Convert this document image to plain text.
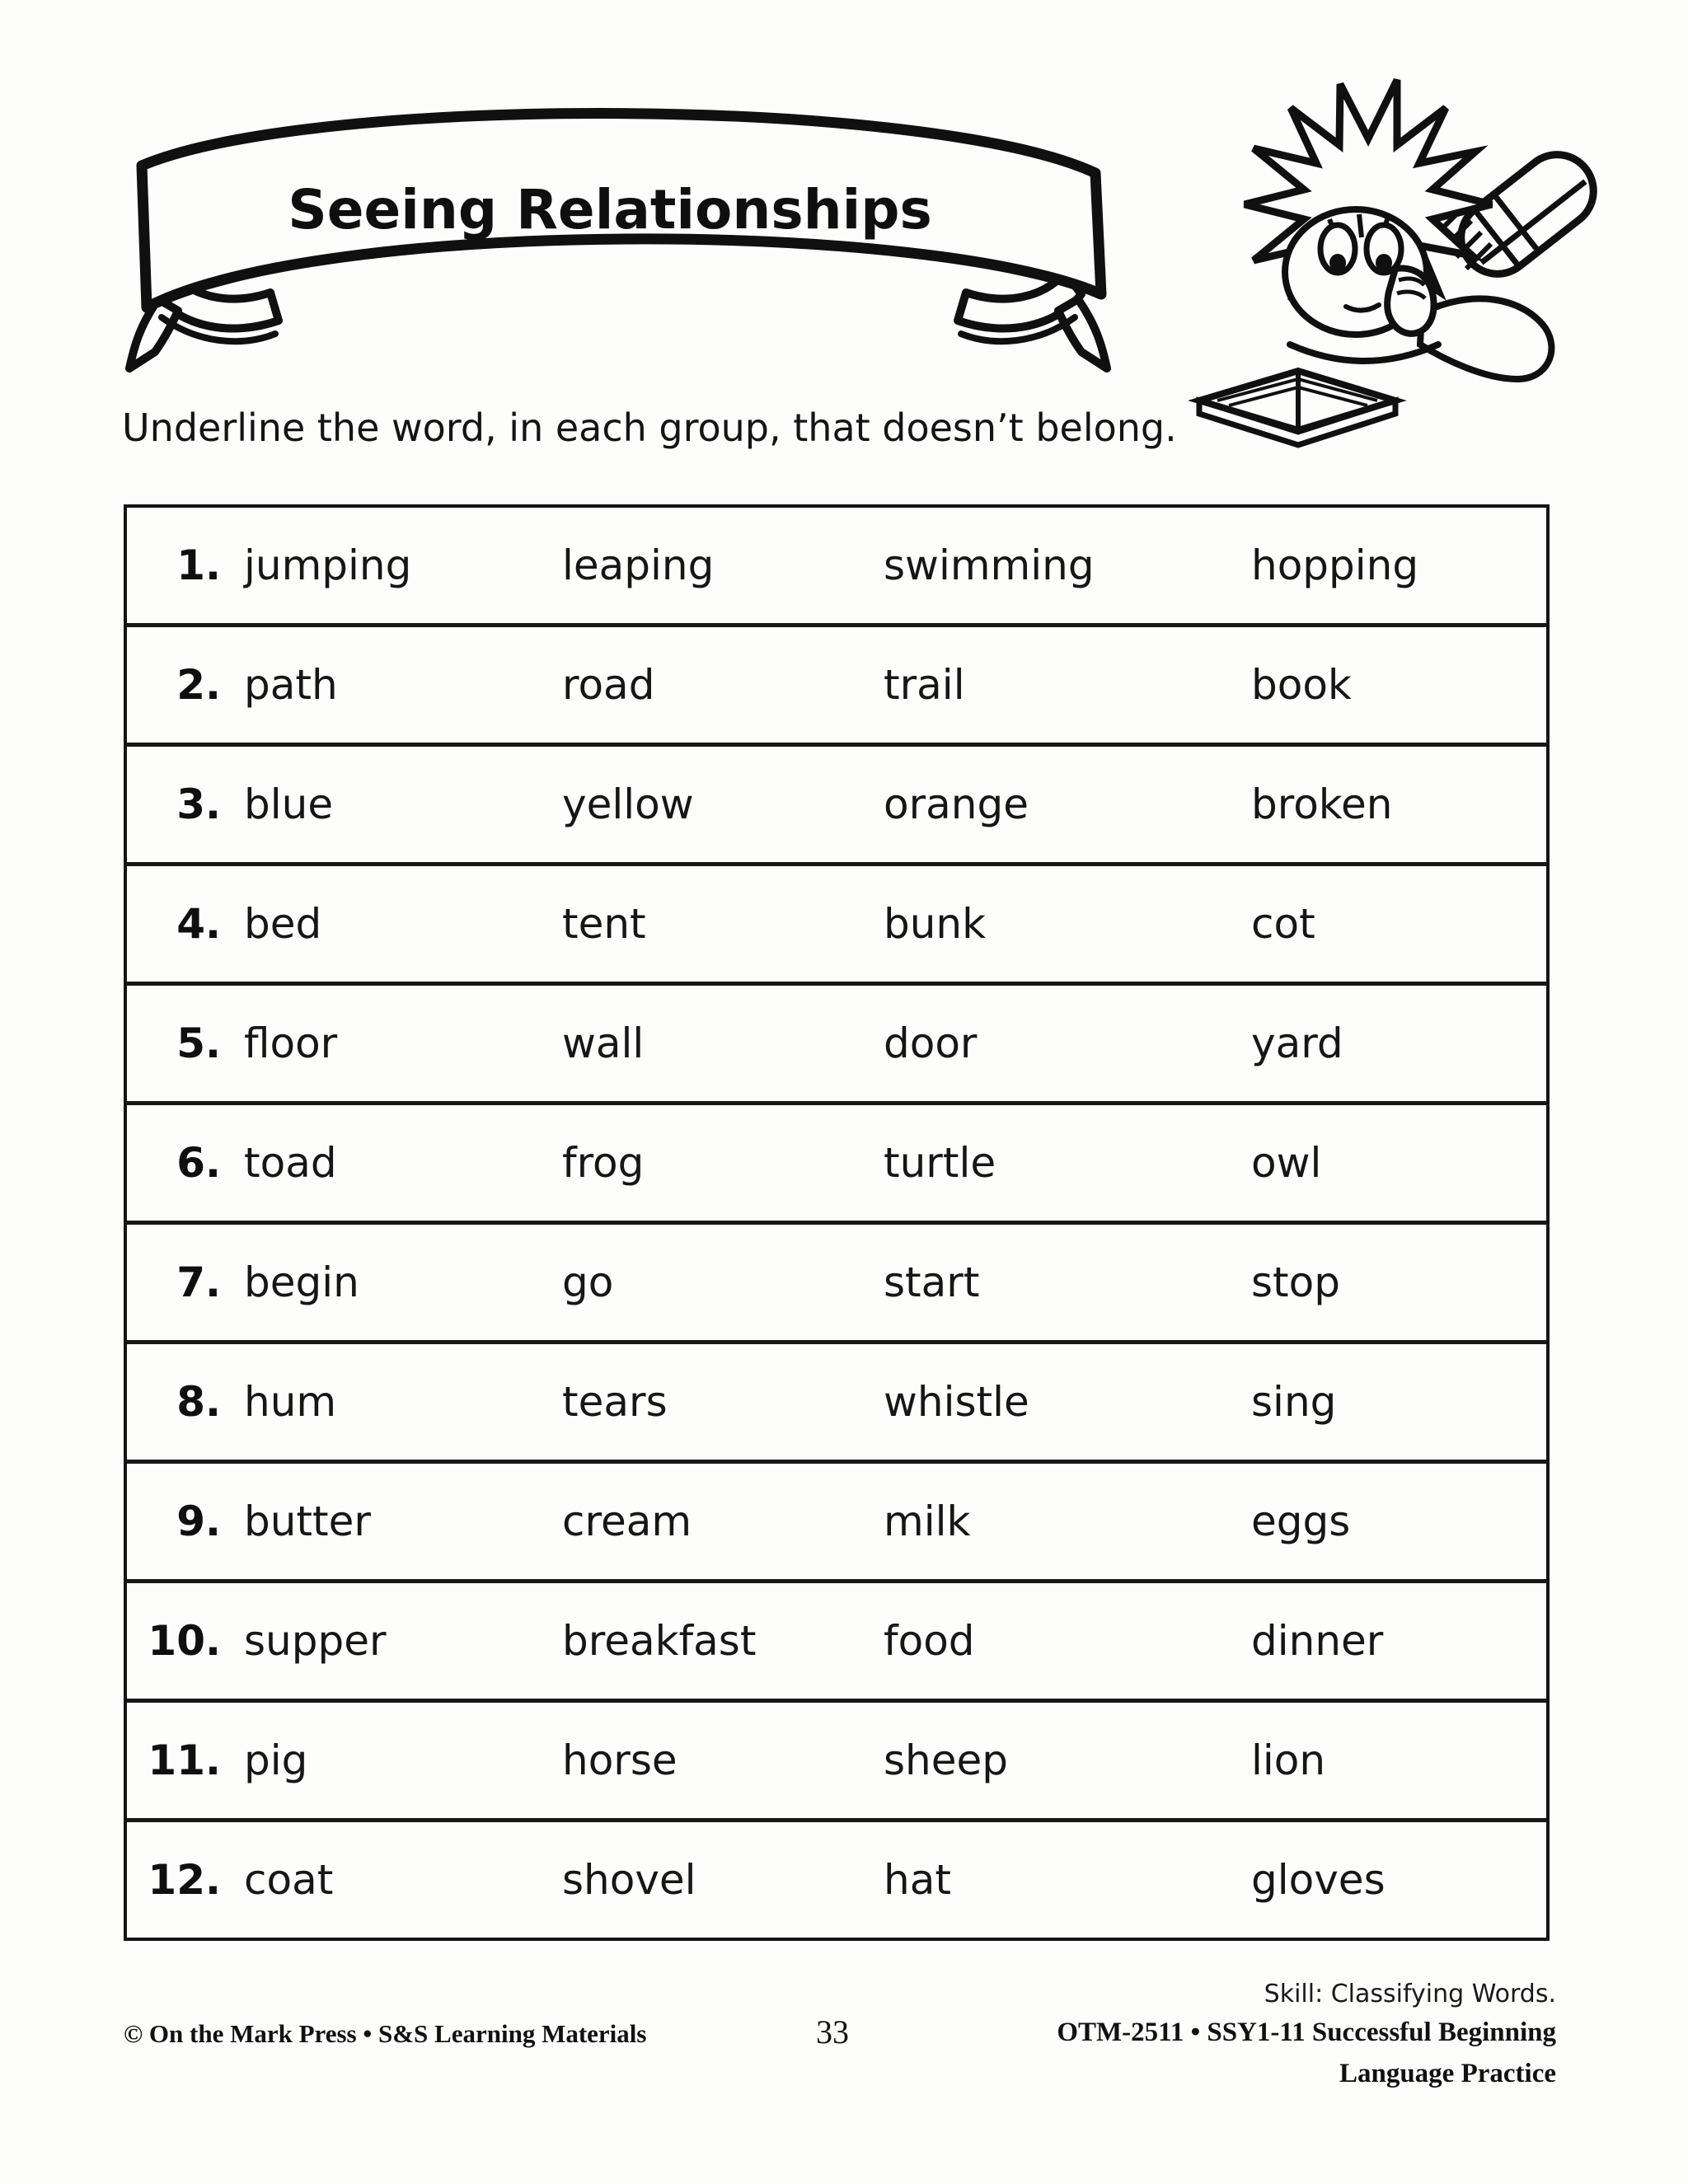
Seeing Relationships
Underline the word, in each group, that doesn’t belong.
1. jumping	leaping	swimming	hopping
2. path	road	trail	book
3. blue	yellow	orange	broken
4. bed	tent	bunk	cot
5. floor	wall	door	yard
6. toad	frog	turtle	owl
7. begin	go	start	stop
8. hum	tears	whistle	sing
9. butter	cream	milk	eggs
10. supper	breakfast	food	dinner
11. pig	horse	sheep	lion
12. coat	shovel	hat	gloves
Skill: Classifying Words.
© On the Mark Press • S&S Learning Materials	33	OTM-2511 • SSY1-11 Successful Beginning
Language Practice
